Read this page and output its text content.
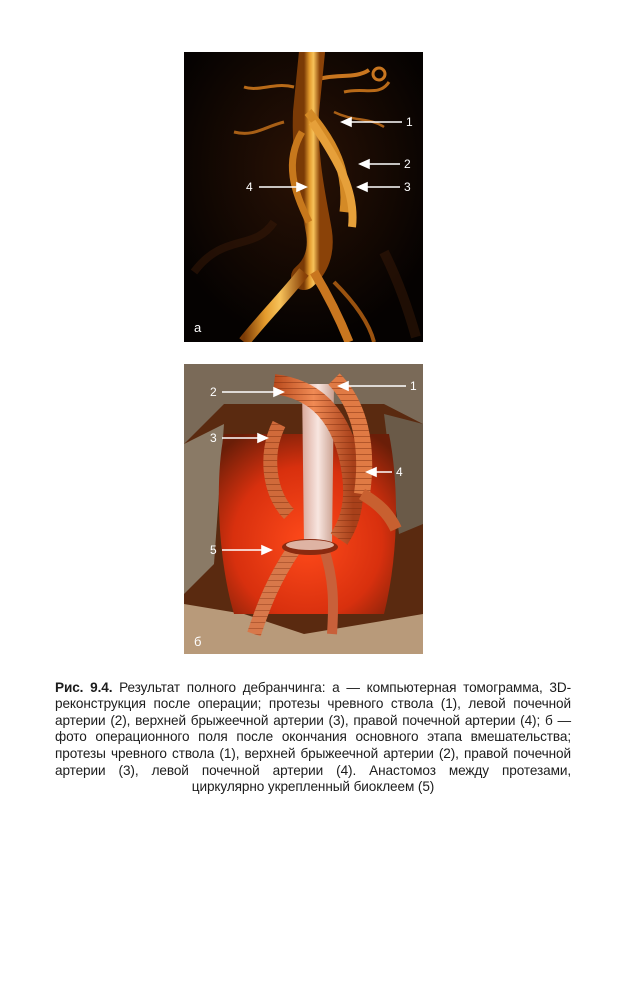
1
2
3
4
а
1
2
3
4
5
б

Рис. 9.4. Результат полного дебранчинга: а — компьютерная томограмма, 3D-реконструкция после операции; протезы чревного ствола (1), левой почечной артерии (2), верхней брыжеечной артерии (3), правой почечной артерии (4); б — фото операционного поля после окончания основного этапа вмешательства; протезы чревного ствола (1), верхней брыжеечной артерии (2), правой почечной артерии (3), левой почечной артерии (4). Анастомоз между протезами, циркулярно укрепленный биоклеем (5)
